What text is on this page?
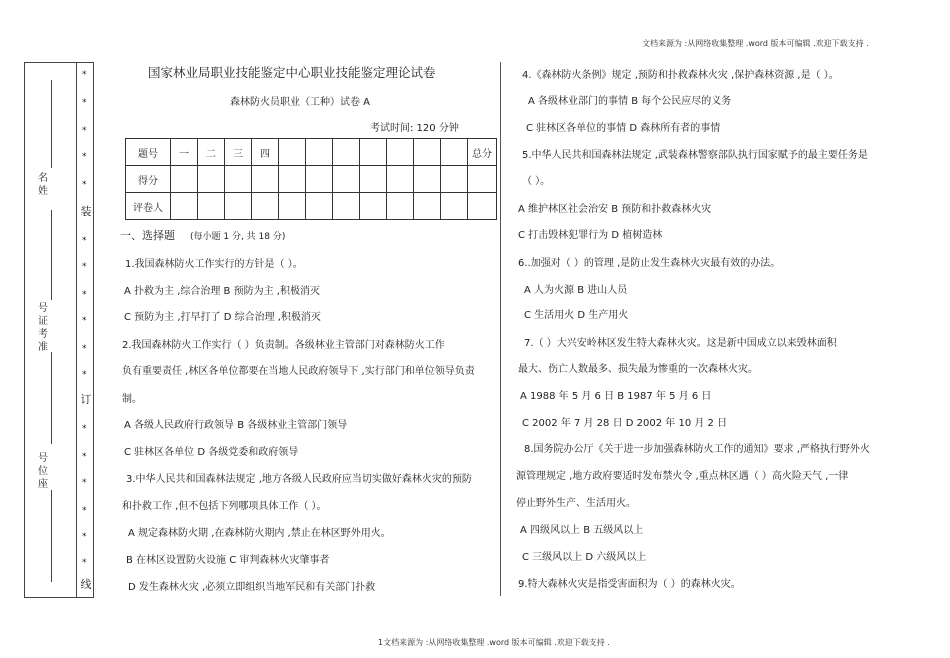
文档来源为 :从网络收集整理 .word 版本可编辑 .欢迎下载支持 .
1文档来源为 :从网络收集整理 .word 版本可编辑 .欢迎下载支持 .
名姓
号证考准
号位座
装
订
线
*
*
*
*
*
*
*
*
*
*
*
*
*
*
*
*
*
国家林业局职业技能鉴定中心职业技能鉴定理论试卷
森林防火员职业（工种）试卷 A
考试时间: 120 分钟
题号	一	二	三	四								总分
得分												
评卷人												
一、选择题 (每小题 1 分, 共 18 分)
1.我国森林防火工作实行的方针是（ ）。
A 扑救为主 ,综合治理 B 预防为主 ,积极消灭
C 预防为主 ,打早打了 D 综合治理 ,积极消灭
2.我国森林防火工作实行（ ）负责制。各级林业主管部门对森林防火工作
负有重要责任 ,林区各单位都要在当地人民政府领导下 ,实行部门和单位领导负责
制。
A 各级人民政府行政领导 B 各级林业主管部门领导
C 驻林区各单位 D 各级党委和政府领导
3.中华人民共和国森林法规定 ,地方各级人民政府应当切实做好森林火灾的预防
和扑救工作 ,但不包括下列哪项具体工作（ ）。
A 规定森林防火期 ,在森林防火期内 ,禁止在林区野外用火。
B 在林区设置防火设施 C 审判森林火灾肇事者
D 发生森林火灾 ,必须立即组织当地军民和有关部门扑救
4.《森林防火条例》规定 ,预防和扑救森林火灾 ,保护森林资源 ,是（ ）。
A 各级林业部门的事情 B 每个公民应尽的义务
C 驻林区各单位的事情 D 森林所有者的事情
5.中华人民共和国森林法规定 ,武装森林警察部队执行国家赋予的最主要任务是
（ ）。
A 维护林区社会治安 B 预防和扑救森林火灾
C 打击毁林犯罪行为 D 植树造林
6..加强对（ ）的管理 ,是防止发生森林火灾最有效的办法。
A 人为火源 B 进山人员
C 生活用火 D 生产用火
7.（ ）大兴安岭林区发生特大森林火灾。这是新中国成立以来毁林面积
最大、伤亡人数最多、损失最为惨重的一次森林火灾。
A 1988 年 5 月 6 日 B 1987 年 5 月 6 日
C 2002 年 7 月 28 日 D 2002 年 10 月 2 日
8.国务院办公厅《关于进一步加强森林防火工作的通知》要求 ,严格执行野外火
源管理规定 ,地方政府要适时发布禁火令 ,重点林区遇（ ）高火险天气 ,一律
停止野外生产、生活用火。
A 四级风以上 B 五级风以上
C 三级风以上 D 六级风以上
9.特大森林火灾是指受害面积为（ ）的森林火灾。
